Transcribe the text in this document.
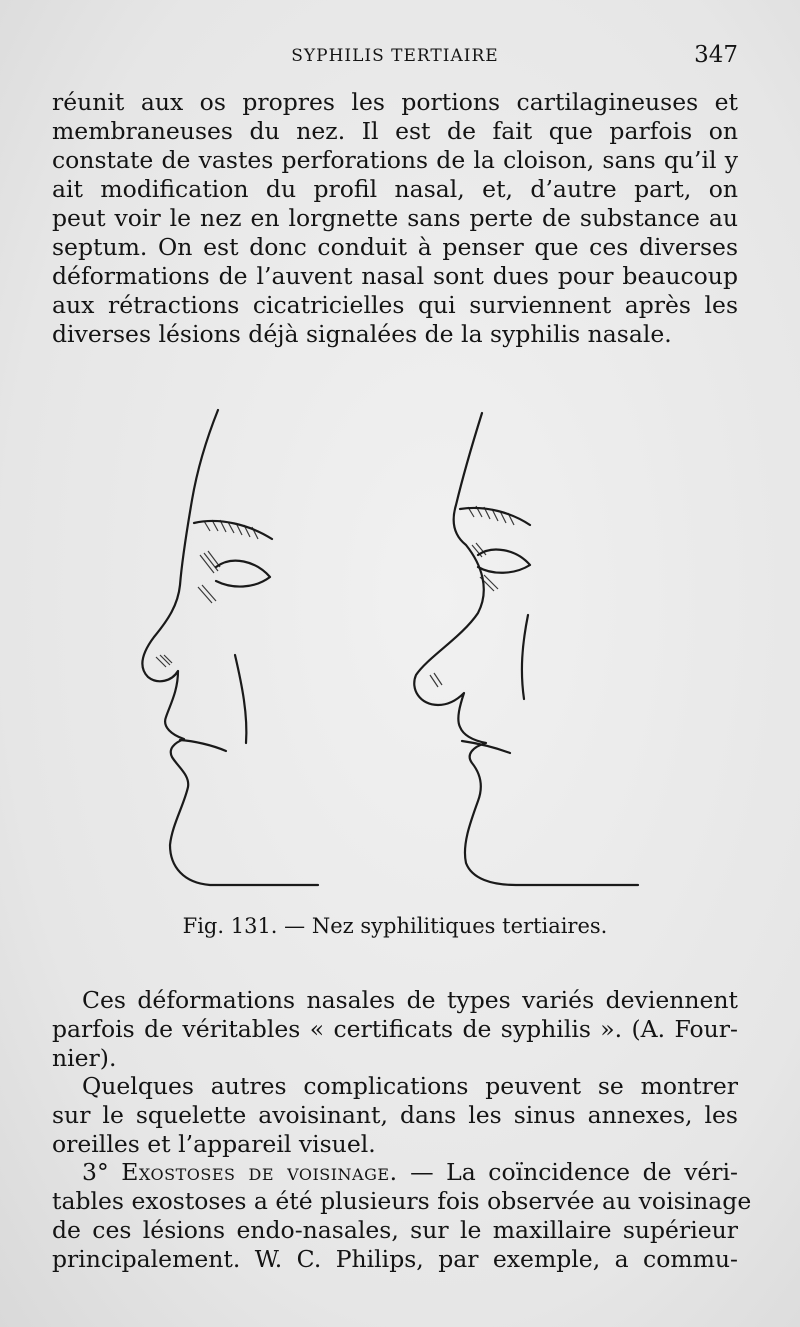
SYPHILIS TERTIAIRE	347
réunit aux os propres les portions cartilagineuses et
membraneuses du nez. Il est de fait que parfois on
constate de vastes perforations de la cloison, sans qu’il y
ait modification du profil nasal, et, d’autre part, on
peut voir le nez en lorgnette sans perte de substance au
septum. On est donc conduit à penser que ces diverses
déformations de l’auvent nasal sont dues pour beaucoup
aux rétractions cicatricielles qui surviennent après les
diverses lésions déjà signalées de la syphilis nasale.
Fig. 131. — Nez syphilitiques tertiaires.
Ces déformations nasales de types variés deviennent
parfois de véritables « certificats de syphilis ». (A. Four-
nier).
Quelques autres complications peuvent se montrer
sur le squelette avoisinant, dans les sinus annexes, les
oreilles et l’appareil visuel.
3° Exostoses de voisinage. — La coïncidence de véri-
tables exostoses a été plusieurs fois observée au voisinage
de ces lésions endo-nasales, sur le maxillaire supérieur
principalement. W. C. Philips, par exemple, a commu-
